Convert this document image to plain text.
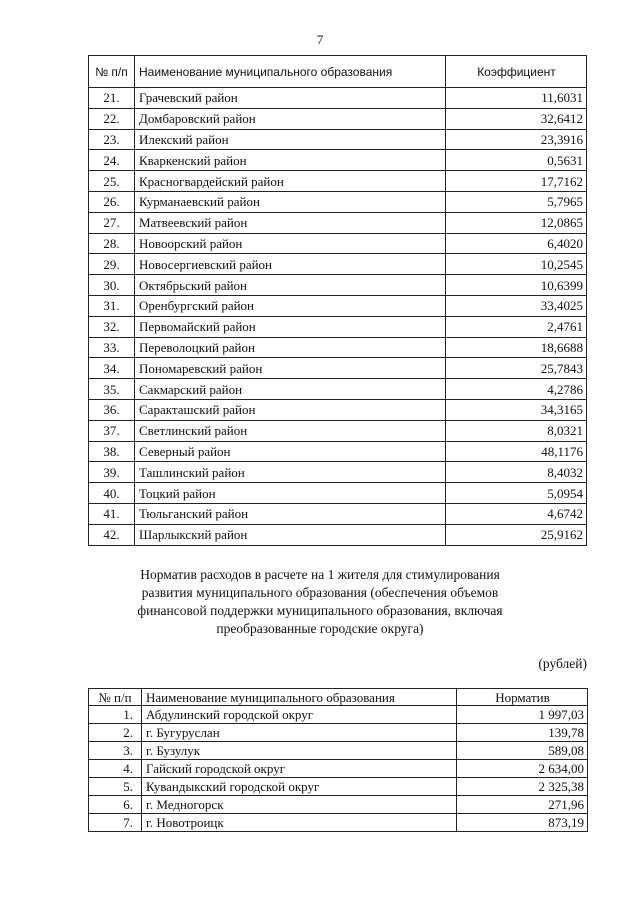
7
№ п/п	Наименование муниципального образования	Коэффициент
21.	Грачевский район	11,6031
22.	Домбаровский район	32,6412
23.	Илекский район	23,3916
24.	Кваркенский район	0,5631
25.	Красногвардейский район	17,7162
26.	Курманаевский район	5,7965
27.	Матвеевский район	12,0865
28.	Новоорский район	6,4020
29.	Новосергиевский район	10,2545
30.	Октябрьский район	10,6399
31.	Оренбургский район	33,4025
32.	Первомайский район	2,4761
33.	Переволоцкий район	18,6688
34.	Пономаревский район	25,7843
35.	Сакмарский район	4,2786
36.	Саракташский район	34,3165
37.	Светлинский район	8,0321
38.	Северный район	48,1176
39.	Ташлинский район	8,4032
40.	Тоцкий район	5,0954
41.	Тюльганский район	4,6742
42.	Шарлыкский район	25,9162
Норматив расходов в расчете на 1 жителя для стимулирования
развития муниципального образования (обеспечения объемов
финансовой поддержки муниципального образования, включая
преобразованные городские округа)
(рублей)
№ п/п	Наименование муниципального образования	Норматив
1.	Абдулинский городской округ	1 997,03
2.	г. Бугуруслан	139,78
3.	г. Бузулук	589,08
4.	Гайский городской округ	2 634,00
5.	Кувандыкский городской округ	2 325,38
6.	г. Медногорск	271,96
7.	г. Новотроицк	873,19
